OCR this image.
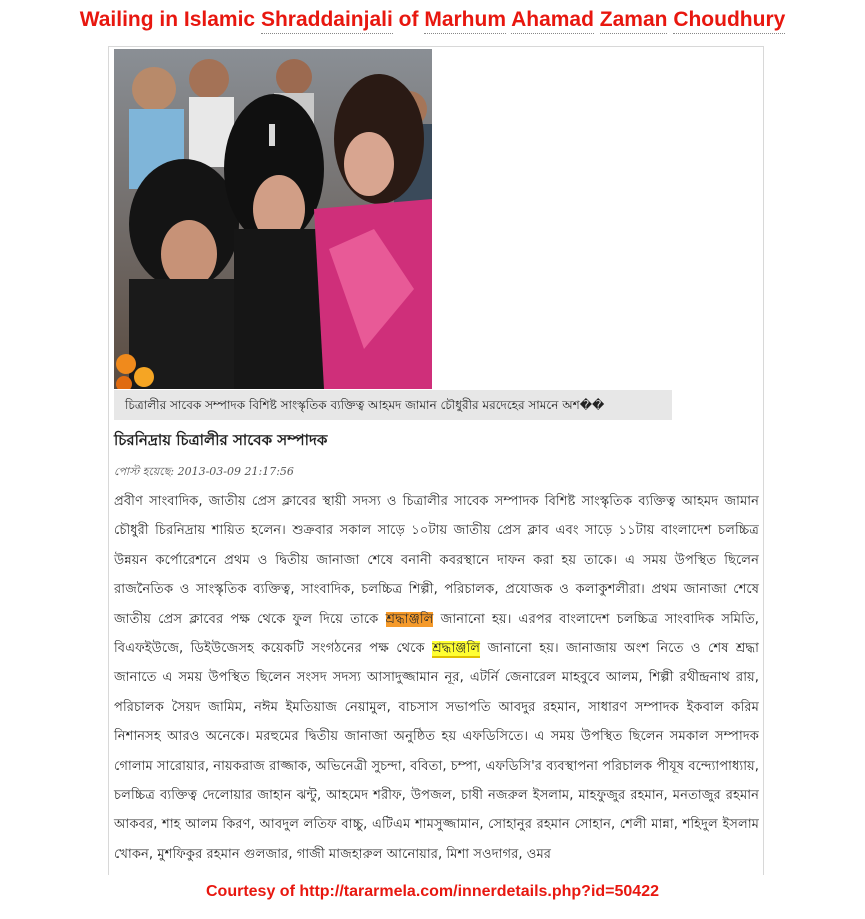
Wailing in Islamic Shraddainjali of Marhum Ahamad Zaman Choudhury
চিত্রালীর সাবেক সম্পাদক বিশিষ্ট সাংস্কৃতিক ব্যক্তিত্ব আহমদ জামান চৌধুরীর মরদেহের সামনে অশ��
চিরনিদ্রায় চিত্রালীর সাবেক সম্পাদক
পোস্ট হয়েছে: 2013-03-09 21:17:56
প্রবীণ সাংবাদিক, জাতীয় প্রেস ক্লাবের স্থায়ী সদস্য ও চিত্রালীর সাবেক সম্পাদক বিশিষ্ট সাংস্কৃতিক ব্যক্তিত্ব আহমদ জামান চৌধুরী চিরনিদ্রায় শায়িত হলেন। শুক্রবার সকাল সাড়ে ১০টায় জাতীয় প্রেস ক্লাব এবং সাড়ে ১১টায় বাংলাদেশ চলচ্চিত্র উন্নয়ন কর্পোরেশনে প্রথম ও দ্বিতীয় জানাজা শেষে বনানী কবরস্থানে দাফন করা হয় তাকে। এ সময় উপস্থিত ছিলেন রাজনৈতিক ও সাংস্কৃতিক ব্যক্তিত্ব, সাংবাদিক, চলচ্চিত্র শিল্পী, পরিচালক, প্রযোজক ও কলাকুশলীরা। প্রথম জানাজা শেষে জাতীয় প্রেস ক্লাবের পক্ষ থেকে ফুল দিয়ে তাকে শ্রদ্ধাঞ্জলি জানানো হয়। এরপর বাংলাদেশ চলচ্চিত্র সাংবাদিক সমিতি, বিএফইউজে, ডিইউজেসহ কয়েকটি সংগঠনের পক্ষ থেকে শ্রদ্ধাঞ্জলি জানানো হয়। জানাজায় অংশ নিতে ও শেষ শ্রদ্ধা জানাতে এ সময় উপস্থিত ছিলেন সংসদ সদস্য আসাদুজ্জামান নূর, এটর্নি জেনারেল মাহবুবে আলম, শিল্পী রথীন্দ্রনাথ রায়, পরিচালক সৈয়দ জামিম, নঈম ইমতিয়াজ নেয়ামুল, বাচসাস সভাপতি আবদুর রহমান, সাধারণ সম্পাদক ইকবাল করিম নিশানসহ আরও অনেকে। মরহুমের দ্বিতীয় জানাজা অনুষ্ঠিত হয় এফডিসিতে। এ সময় উপস্থিত ছিলেন সমকাল সম্পাদক গোলাম সারোয়ার, নায়করাজ রাজ্জাক, অভিনেত্রী সুচন্দা, ববিতা, চম্পা, এফডিসি'র ব্যবস্থাপনা পরিচালক পীযূষ বন্দ্যোপাধ্যায়, চলচ্চিত্র ব্যক্তিত্ব দেলোয়ার জাহান ঝন্টু, আহমেদ শরীফ, উপজল, চাষী নজরুল ইসলাম, মাহফুজুর রহমান, মনতাজুর রহমান আকবর, শাহ আলম কিরণ, আবদুল লতিফ বাচ্চু, এটিএম শামসুজ্জামান, সোহানুর রহমান সোহান, শেলী মান্না, শহিদুল ইসলাম খোকন, মুশফিকুর রহমান গুলজার, গাজী মাজহারুল আনোয়ার, মিশা সওদাগর, ওমর
Courtesy of http://tararmela.com/innerdetails.php?id=50422
